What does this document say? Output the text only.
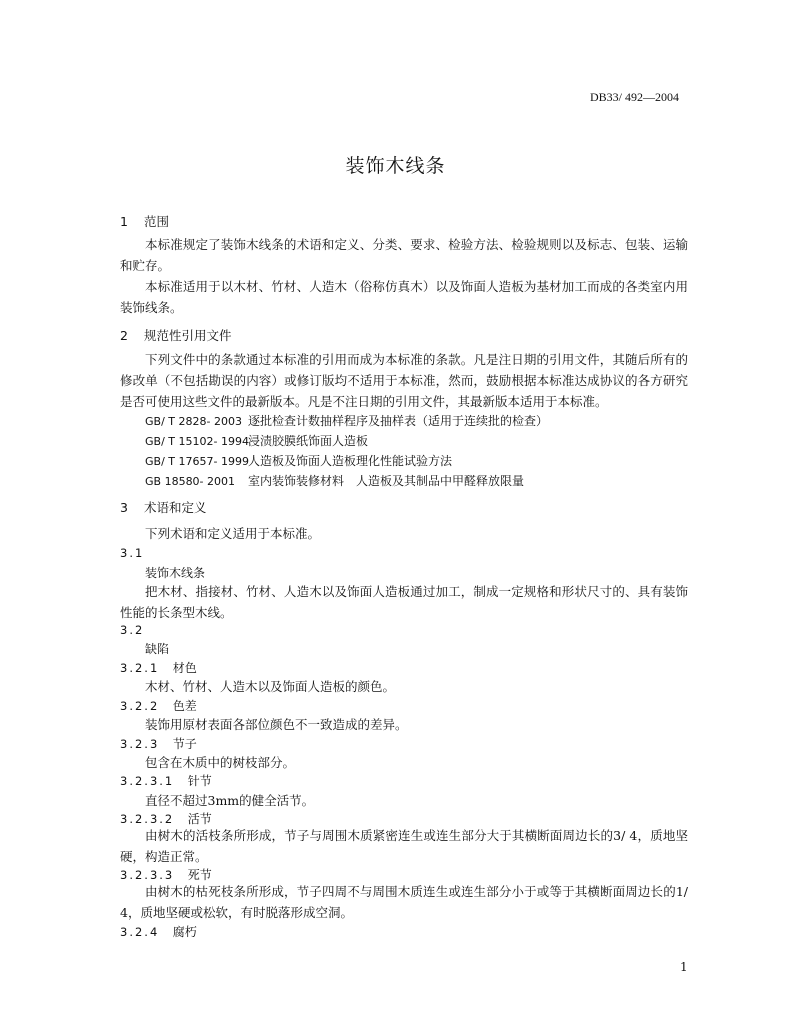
DB33/ 492—2004
装饰木线条
1 范围
本标准规定了装饰木线条的术语和定义、分类、要求、检验方法、检验规则以及标志、包装、运输和贮存。
本标准适用于以木材、竹材、人造木（俗称仿真木）以及饰面人造板为基材加工而成的各类室内用装饰线条。
2 规范性引用文件
下列文件中的条款通过本标准的引用而成为本标准的条款。凡是注日期的引用文件，其随后所有的修改单（不包括勘误的内容）或修订版均不适用于本标准，然而，鼓励根据本标准达成协议的各方研究是否可使用这些文件的最新版本。凡是不注日期的引用文件，其最新版本适用于本标准。
GB/ T 2828- 2003 逐批检查计数抽样程序及抽样表（适用于连续批的检查）
GB/ T 15102- 1994浸渍胶膜纸饰面人造板
GB/ T 17657- 1999人造板及饰面人造板理化性能试验方法
GB 18580- 2001 室内装饰装修材料　人造板及其制品中甲醛释放限量
3 术语和定义
下列术语和定义适用于本标准。
3.1
装饰木线条
把木材、指接材、竹材、人造木以及饰面人造板通过加工，制成一定规格和形状尺寸的、具有装饰性能的长条型木线。
3.2
缺陷
3.2.1　 材色
木材、竹材、人造木以及饰面人造板的颜色。
3.2.2　 色差
装饰用原材表面各部位颜色不一致造成的差异。
3.2.3　 节子
包含在木质中的树枝部分。
3.2.3.1　 针节
直径不超过3mm的健全活节。
3.2.3.2　 活节
由树木的活枝条所形成，节子与周围木质紧密连生或连生部分大于其横断面周边长的3/ 4，质地坚硬，构造正常。
3.2.3.3　 死节
由树木的枯死枝条所形成，节子四周不与周围木质连生或连生部分小于或等于其横断面周边长的1/ 4，质地坚硬或松软，有时脱落形成空洞。
3.2.4　 腐朽
1
